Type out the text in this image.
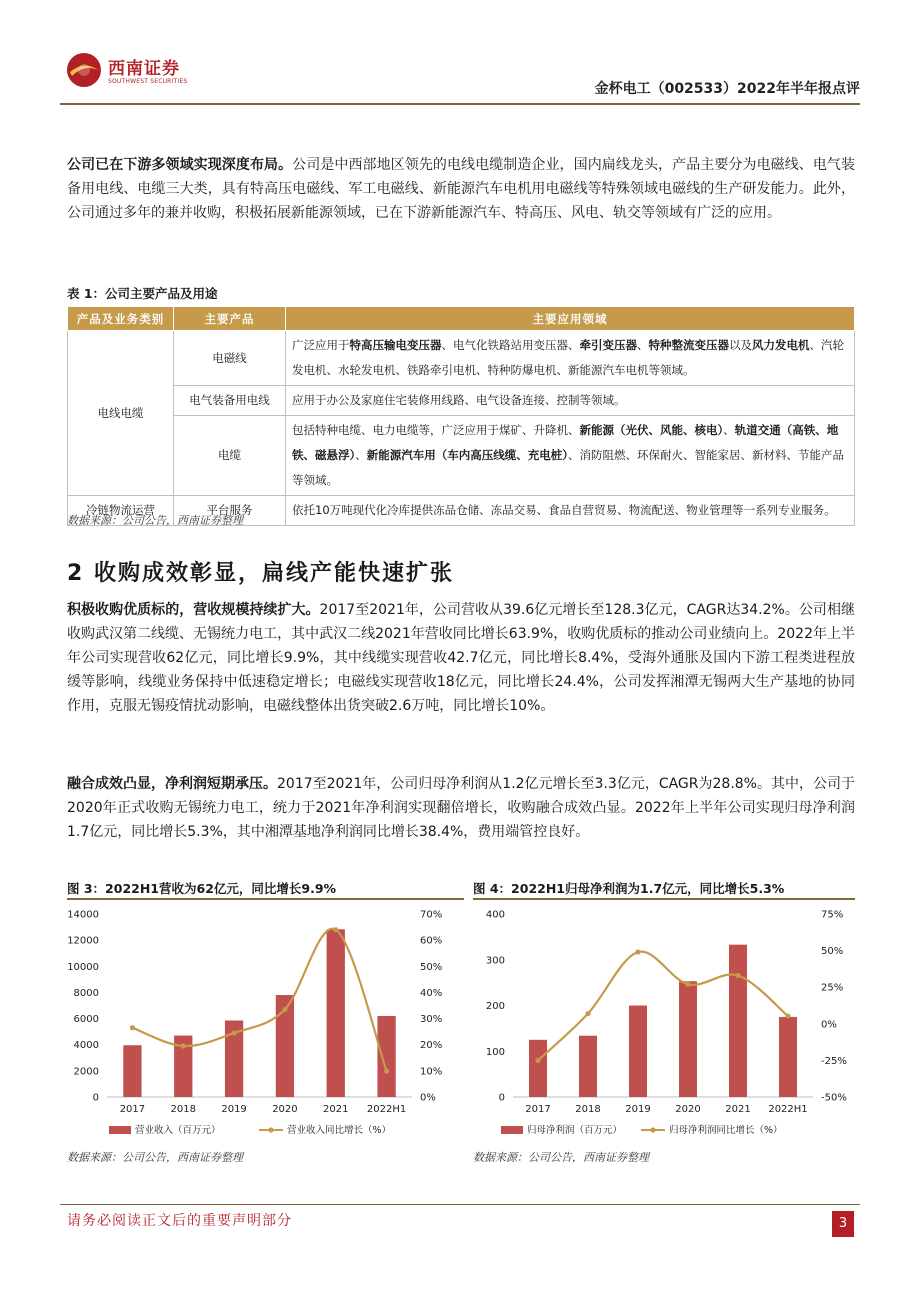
西南证券
SOUTHWEST SECURITIES	金杯电工（002533）2022年半年报点评

公司已在下游多领域实现深度布局。公司是中西部地区领先的电线电缆制造企业，国内扁线龙头，产品主要分为电磁线、电气装备用电线、电缆三大类，具有特高压电磁线、军工电磁线、新能源汽车电机用电磁线等特殊领域电磁线的生产研发能力。此外，公司通过多年的兼并收购，积极拓展新能源领域，已在下游新能源汽车、特高压、风电、轨交等领域有广泛的应用。

表 1：公司主要产品及用途
产品及业务类别	主要产品	主要应用领域
电线电缆	电磁线	广泛应用于特高压输电变压器、电气化铁路站用变压器、牵引变压器、特种整流变压器以及风力发电机、汽轮发电机、水轮发电机、铁路牵引电机、特种防爆电机、新能源汽车电机等领域。
	电气装备用电线	应用于办公及家庭住宅装修用线路、电气设备连接、控制等领域。
	电缆	包括特种电缆、电力电缆等，广泛应用于煤矿、升降机、新能源（光伏、风能、核电）、轨道交通（高铁、地铁、磁悬浮）、新能源汽车用（车内高压线缆、充电桩）、消防阻燃、环保耐火、智能家居、新材料、节能产品等领域。
冷链物流运营	平台服务	依托10万吨现代化冷库提供冻品仓储、冻品交易、食品自营贸易、物流配送、物业管理等一系列专业服务。
数据来源：公司公告，西南证券整理
2 收购成效彰显，扁线产能快速扩张

积极收购优质标的，营收规模持续扩大。2017至2021年，公司营收从39.6亿元增长至128.3亿元，CAGR达34.2%。公司相继收购武汉第二线缆、无锡统力电工，其中武汉二线2021年营收同比增长63.9%，收购优质标的推动公司业绩向上。2022年上半年公司实现营收62亿元，同比增长9.9%，其中线缆实现营收42.7亿元，同比增长8.4%，受海外通胀及国内下游工程类进程放缓等影响，线缆业务保持中低速稳定增长；电磁线实现营收18亿元，同比增长24.4%，公司发挥湘潭无锡两大生产基地的协同作用，克服无锡疫情扰动影响，电磁线整体出货突破2.6万吨，同比增长10%。

融合成效凸显，净利润短期承压。2017至2021年，公司归母净利润从1.2亿元增长至3.3亿元，CAGR为28.8%。其中，公司于2020年正式收购无锡统力电工，统力于2021年净利润实现翻倍增长，收购融合成效凸显。2022年上半年公司实现归母净利润1.7亿元，同比增长5.3%，其中湘潭基地净利润同比增长38.4%，费用端管控良好。

图 3：2022H1营收为62亿元，同比增长9.9%
0
2000
4000
6000
8000
10000
12000
14000
0%
10%
20%
30%
40%
50%
60%
70%
2017	2018	2019	2020	2021 2022H1
营业收入（百万元）	营业收入同比增长（%）
数据来源：公司公告，西南证券整理
图 4：2022H1归母净利润为1.7亿元，同比增长5.3%
0
100
200
300
400
-50%
-25%
0%
25%
50%
75%
2017 2018 2019 2020 2021 2022H1
归母净利润（百万元）	归母净利润同比增长（%）
数据来源：公司公告，西南证券整理
请务必阅读正文后的重要声明部分	3
